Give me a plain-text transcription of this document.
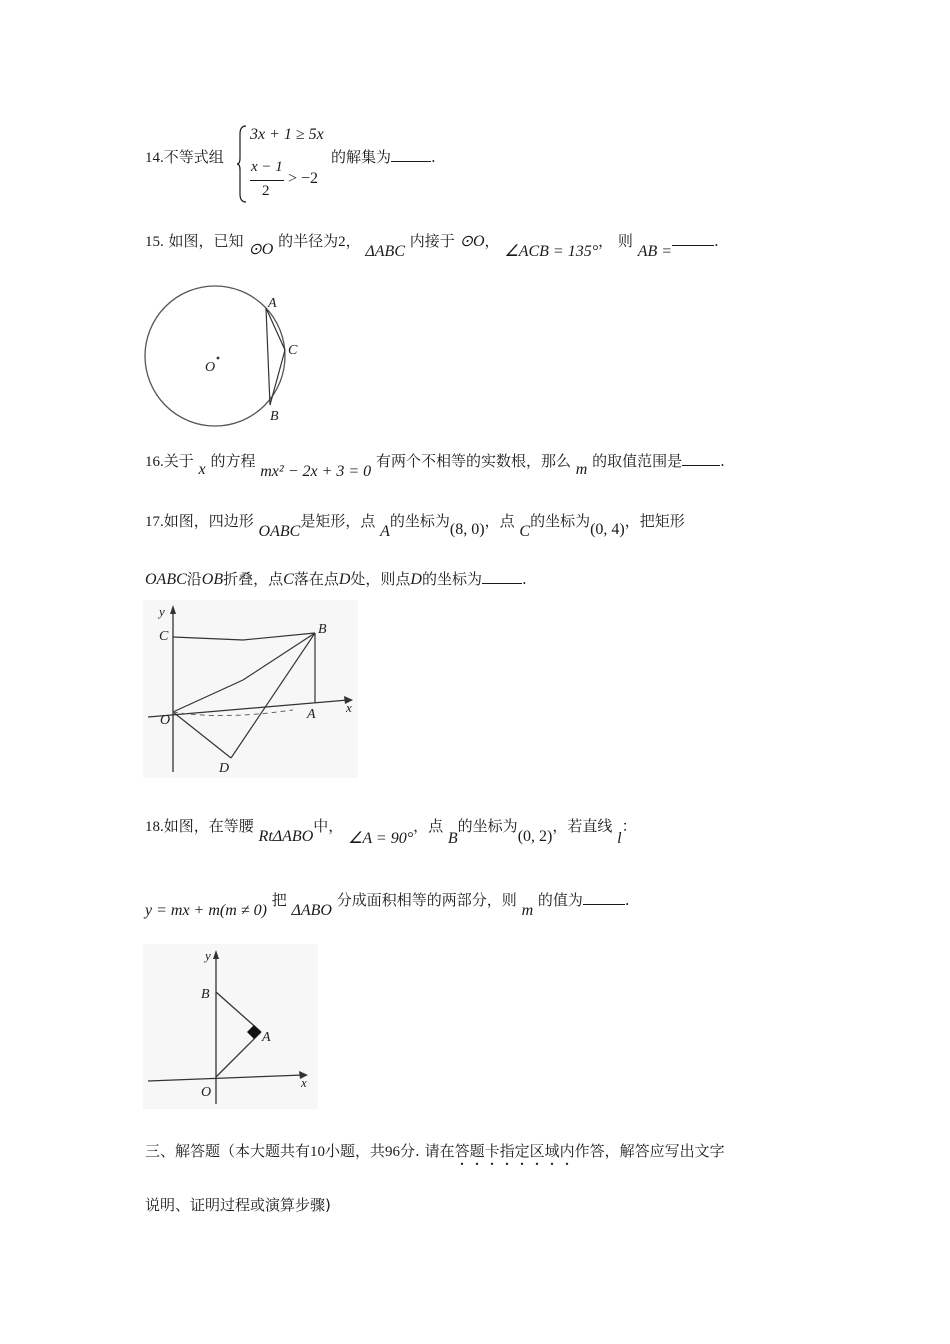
14.不等式组
3x + 1 ≥ 5x
x − 1
2
> −2
的解集为	.
15. 如图，已知 ⊙O 的半径为2， ΔABC 内接于 ⊙O， ∠ACB = 135°， 则 AB =.
A
C
B
O
16.关于 x 的方程 mx² − 2x + 3 = 0 有两个不相等的实数根，那么 m 的取值范围是	.
17.如图，四边形 OABC是矩形，点 A的坐标为(8, 0)，点 C的坐标为(0, 4)，把矩形
OABC沿OB折叠，点C落在点D处，则点D的坐标为	.
y
C	B
O	A x
D
18.如图，在等腰 RtΔABO中， ∠A = 90°，点 B的坐标为(0, 2)，若直线 l：
y = mx + m(m ≠ 0) 把 ΔABO 分成面积相等的两部分，则 m 的值为	.
y
B
A
O
x
三、解答题（本大题共有10小题，共96分. 请在答题卡指定区域内作答，解答应写出文字
说明、证明过程或演算步骤)
